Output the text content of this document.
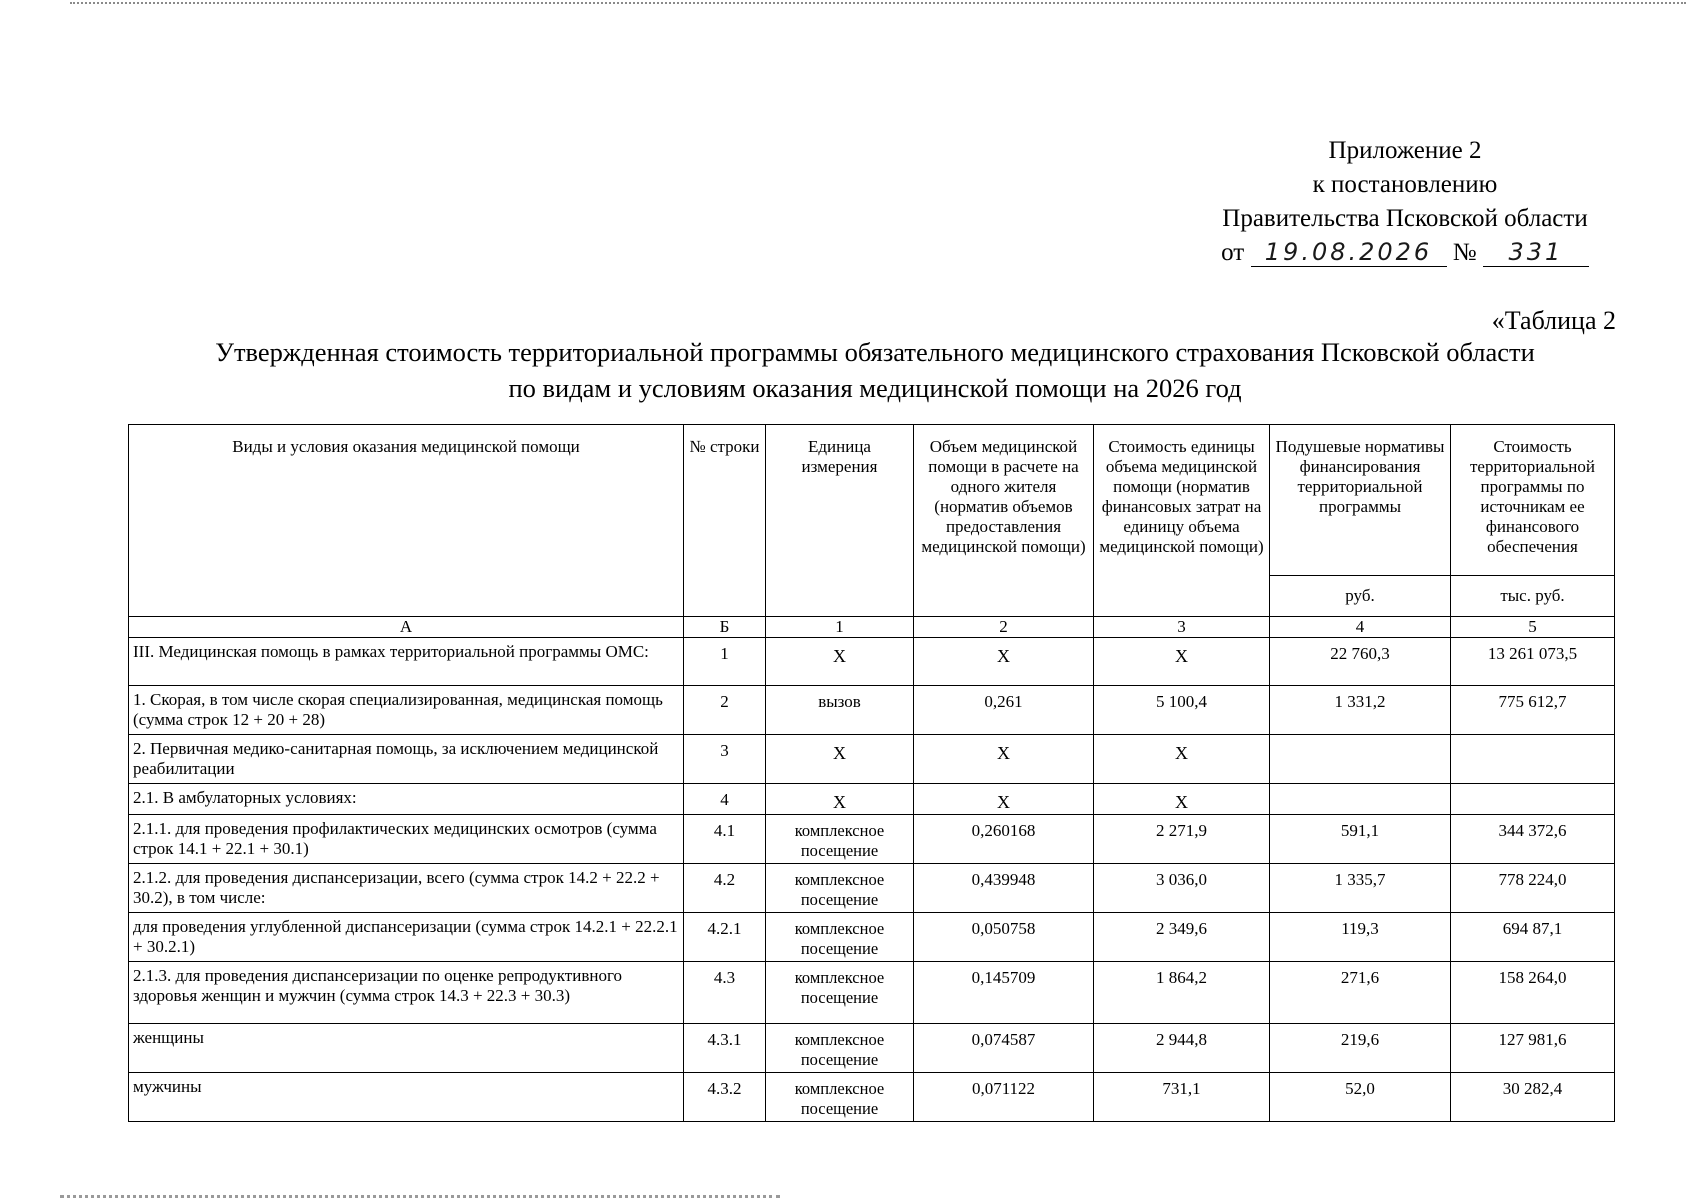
Приложение 2
к постановлению
Правительства Псковской области
от 19.08.2026 № 331
«Таблица 2
Утвержденная стоимость территориальной программы обязательного медицинского страхования Псковской области
по видам и условиям оказания медицинской помощи на 2026 год
Виды и условия оказания медицинской помощи	№ строки	Единица измерения	Объем медицинской помощи в расчете на одного жителя (норматив объемов предоставления медицинской помощи)	Стоимость единицы объема медицинской помощи (норматив финансовых затрат на единицу объема медицинской помощи)	Подушевые нормативы финансирования территориальной программы	Стоимость территориальной программы по источникам ее финансового обеспечения
					руб.	тыс. руб.
А	Б	1	2	3	4	5
III. Медицинская помощь в рамках территориальной программы ОМС:	1	X	X	X	22 760,3	13 261 073,5
1. Скорая, в том числе скорая специализированная, медицинская помощь (сумма строк 12 + 20 + 28)	2	вызов	0,261	5 100,4	1 331,2	775 612,7
2. Первичная медико-санитарная помощь, за исключением медицинской реабилитации	3	X	X	X		
2.1. В амбулаторных условиях:	4	X	X	X		
2.1.1. для проведения профилактических медицинских осмотров (сумма строк 14.1 + 22.1 + 30.1)	4.1	комплексное посещение	0,260168	2 271,9	591,1	344 372,6
2.1.2. для проведения диспансеризации, всего (сумма строк 14.2 + 22.2 + 30.2), в том числе:	4.2	комплексное посещение	0,439948	3 036,0	1 335,7	778 224,0
для проведения углубленной диспансеризации (сумма строк 14.2.1 + 22.2.1 + 30.2.1)	4.2.1	комплексное посещение	0,050758	2 349,6	119,3	694 87,1
2.1.3. для проведения диспансеризации по оценке репродуктивного здоровья женщин и мужчин (сумма строк 14.3 + 22.3 + 30.3)	4.3	комплексное посещение	0,145709	1 864,2	271,6	158 264,0
женщины	4.3.1	комплексное посещение	0,074587	2 944,8	219,6	127 981,6
мужчины	4.3.2	комплексное посещение	0,071122	731,1	52,0	30 282,4
